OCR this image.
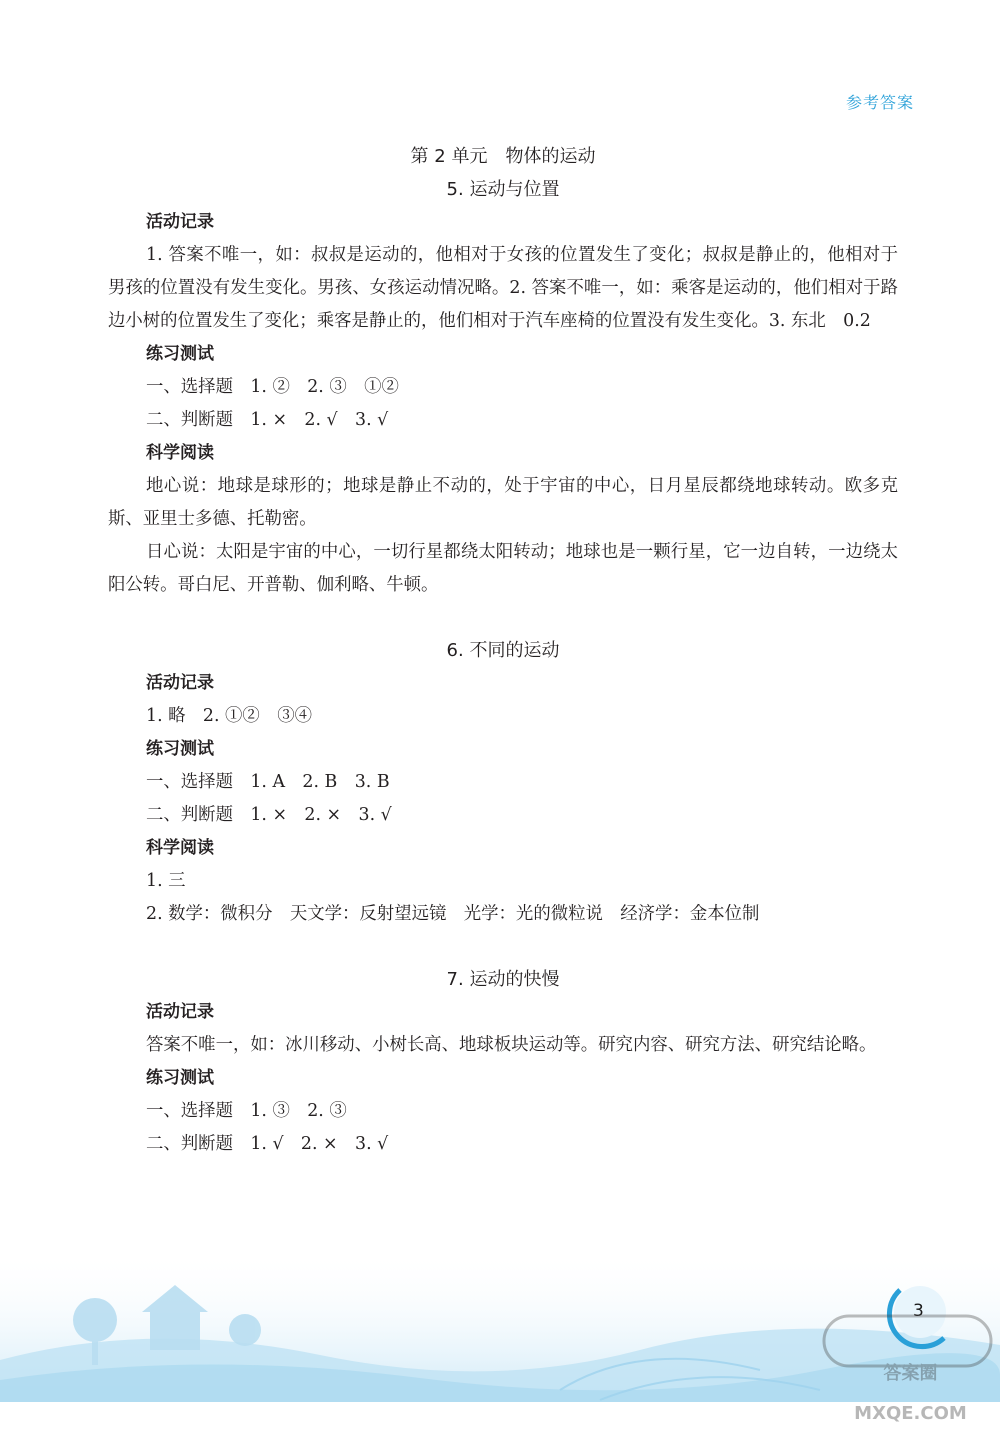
参考答案
第 2 单元　物体的运动
5. 运动与位置
活动记录

1. 答案不唯一，如：叔叔是运动的，他相对于女孩的位置发生了变化；叔叔是静止的，他相对于男孩的位置没有发生变化。男孩、女孩运动情况略。2. 答案不唯一，如：乘客是运动的，他们相对于路边小树的位置发生了变化；乘客是静止的，他们相对于汽车座椅的位置没有发生变化。3. 东北　0.2

练习测试
一、选择题　1. ②　2. ③　①②
二、判断题　1. ×　2. √　3. √
科学阅读

地心说：地球是球形的；地球是静止不动的，处于宇宙的中心，日月星辰都绕地球转动。欧多克斯、亚里士多德、托勒密。

日心说：太阳是宇宙的中心，一切行星都绕太阳转动；地球也是一颗行星，它一边自转，一边绕太阳公转。哥白尼、开普勒、伽利略、牛顿。

6. 不同的运动
活动记录
1. 略　2. ①②　③④
练习测试
一、选择题　1. A　2. B　3. B
二、判断题　1. ×　2. ×　3. √
科学阅读
1. 三
2. 数学：微积分　天文学：反射望远镜　光学：光的微粒说　经济学：金本位制
7. 运动的快慢
活动记录

答案不唯一，如：冰川移动、小树长高、地球板块运动等。研究内容、研究方法、研究结论略。

练习测试
一、选择题　1. ③　2. ③
二、判断题　1. √　2. ×　3. √
3
答案圈 MXQE.COM
